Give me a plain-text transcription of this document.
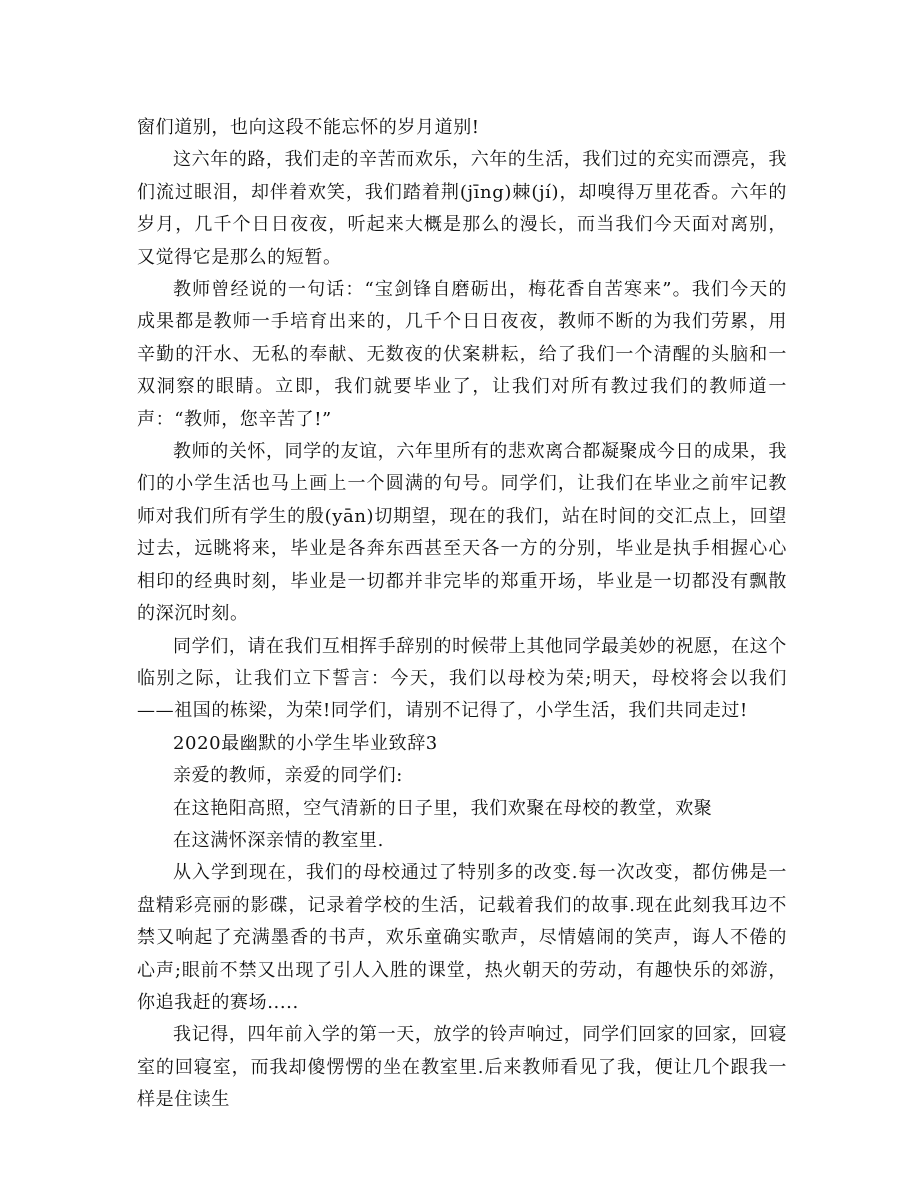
窗们道别，也向这段不能忘怀的岁月道别!

这六年的路，我们走的辛苦而欢乐，六年的生活，我们过的充实而漂亮，我们流过眼泪，却伴着欢笑，我们踏着荆(jīng)棘(jí)，却嗅得万里花香。六年的岁月，几千个日日夜夜，听起来大概是那么的漫长，而当我们今天面对离别，又觉得它是那么的短暂。

教师曾经说的一句话：“宝剑锋自磨砺出，梅花香自苦寒来”。我们今天的成果都是教师一手培育出来的，几千个日日夜夜，教师不断的为我们劳累，用辛勤的汗水、无私的奉献、无数夜的伏案耕耘，给了我们一个清醒的头脑和一双洞察的眼睛。立即，我们就要毕业了，让我们对所有教过我们的教师道一声：“教师，您辛苦了!”

教师的关怀，同学的友谊，六年里所有的悲欢离合都凝聚成今日的成果，我们的小学生活也马上画上一个圆满的句号。同学们，让我们在毕业之前牢记教师对我们所有学生的殷(yān)切期望，现在的我们，站在时间的交汇点上，回望过去，远眺将来，毕业是各奔东西甚至天各一方的分别，毕业是执手相握心心相印的经典时刻，毕业是一切都并非完毕的郑重开场，毕业是一切都没有飘散的深沉时刻。

同学们，请在我们互相挥手辞别的时候带上其他同学最美妙的祝愿，在这个临别之际，让我们立下誓言：今天，我们以母校为荣;明天，母校将会以我们——祖国的栋梁，为荣!同学们，请别不记得了，小学生活，我们共同走过!

2020最幽默的小学生毕业致辞3

亲爱的教师，亲爱的同学们:

在这艳阳高照，空气清新的日子里，我们欢聚在母校的教堂，欢聚

在这满怀深亲情的教室里.

从入学到现在，我们的母校通过了特别多的改变.每一次改变，都仿佛是一盘精彩亮丽的影碟，记录着学校的生活，记载着我们的故事.现在此刻我耳边不禁又响起了充满墨香的书声，欢乐童确实歌声，尽情嬉闹的笑声，诲人不倦的心声;眼前不禁又出现了引人入胜的课堂，热火朝天的劳动，有趣快乐的郊游，你追我赶的赛场.....

我记得，四年前入学的第一天，放学的铃声响过，同学们回家的回家，回寝室的回寝室，而我却傻愣愣的坐在教室里.后来教师看见了我，便让几个跟我一样是住读生
